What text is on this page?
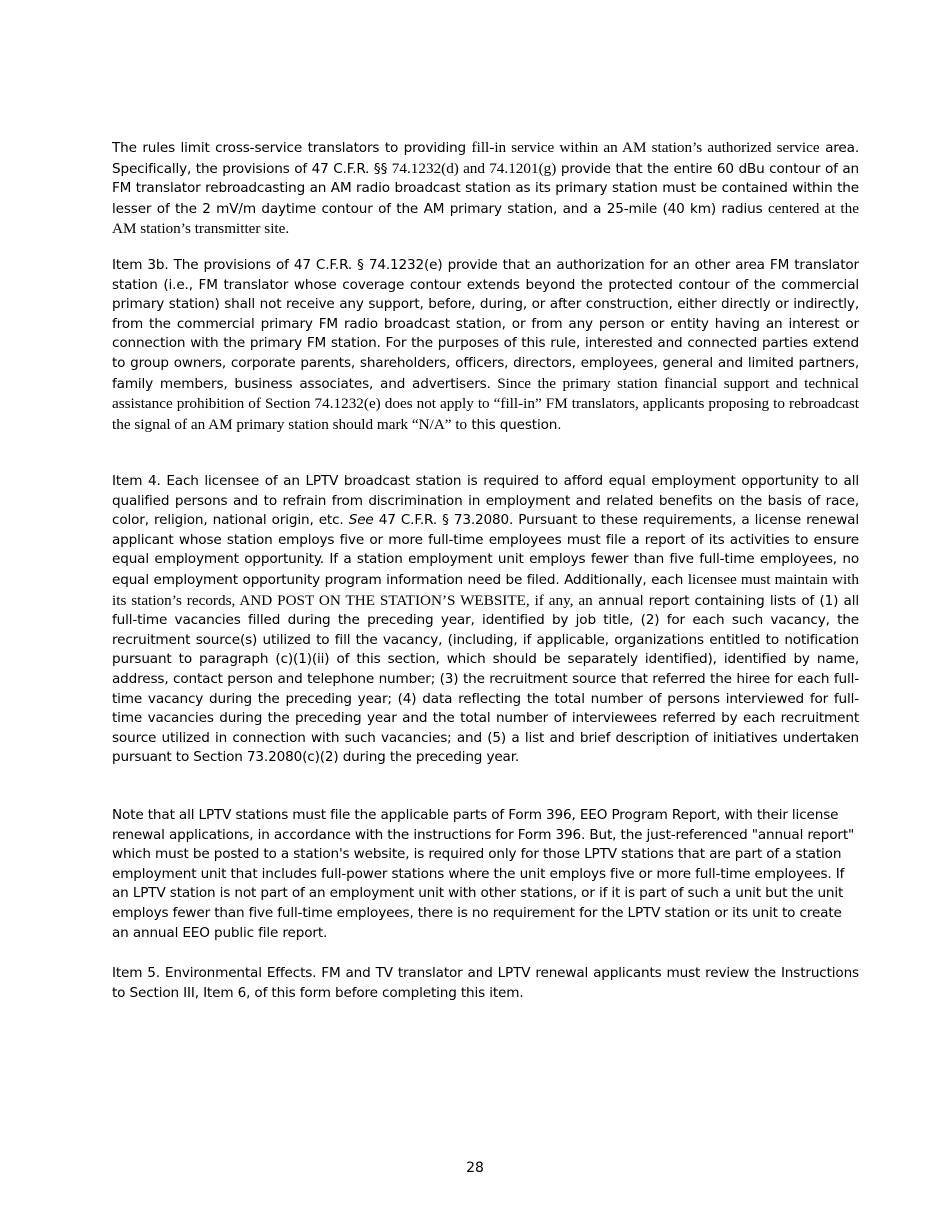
The rules limit cross-service translators to providing fill-in service within an AM station’s authorized service area. Specifically, the provisions of 47 C.F.R. §§ 74.1232(d) and 74.1201(g) provide that the entire 60 dBu contour of an FM translator rebroadcasting an AM radio broadcast station as its primary station must be contained within the lesser of the 2 mV/m daytime contour of the AM primary station, and a 25-mile (40 km) radius centered at the AM station’s transmitter site.

Item 3b. The provisions of 47 C.F.R. § 74.1232(e) provide that an authorization for an other area FM translator station (i.e., FM translator whose coverage contour extends beyond the protected contour of the commercial primary station) shall not receive any support, before, during, or after construction, either directly or indirectly, from the commercial primary FM radio broadcast station, or from any person or entity having an interest or connection with the primary FM station. For the purposes of this rule, interested and connected parties extend to group owners, corporate parents, shareholders, officers, directors, employees, general and limited partners, family members, business associates, and advertisers. Since the primary station financial support and technical assistance prohibition of Section 74.1232(e) does not apply to “fill-in” FM translators, applicants proposing to rebroadcast the signal of an AM primary station should mark “N/A” to this question.

Item 4. Each licensee of an LPTV broadcast station is required to afford equal employment opportunity to all qualified persons and to refrain from discrimination in employment and related benefits on the basis of race, color, religion, national origin, etc. See 47 C.F.R. § 73.2080. Pursuant to these requirements, a license renewal applicant whose station employs five or more full-time employees must file a report of its activities to ensure equal employment opportunity. If a station employment unit employs fewer than five full-time employees, no equal employment opportunity program information need be filed. Additionally, each licensee must maintain with its station’s records, AND POST ON THE STATION’S WEBSITE, if any, an annual report containing lists of (1) all full-time vacancies filled during the preceding year, identified by job title, (2) for each such vacancy, the recruitment source(s) utilized to fill the vacancy, (including, if applicable, organizations entitled to notification pursuant to paragraph (c)(1)(ii) of this section, which should be separately identified), identified by name, address, contact person and telephone number; (3) the recruitment source that referred the hiree for each full-time vacancy during the preceding year; (4) data reflecting the total number of persons interviewed for full-time vacancies during the preceding year and the total number of interviewees referred by each recruitment source utilized in connection with such vacancies; and (5) a list and brief description of initiatives undertaken pursuant to Section 73.2080(c)(2) during the preceding year.

Note that all LPTV stations must file the applicable parts of Form 396, EEO Program Report, with their license renewal applications, in accordance with the instructions for Form 396. But, the just-referenced "annual report" which must be posted to a station's website, is required only for those LPTV stations that are part of a station employment unit that includes full-power stations where the unit employs five or more full-time employees. If an LPTV station is not part of an employment unit with other stations, or if it is part of such a unit but the unit employs fewer than five full-time employees, there is no requirement for the LPTV station or its unit to create an annual EEO public file report.

Item 5. Environmental Effects. FM and TV translator and LPTV renewal applicants must review the Instructions to Section III, Item 6, of this form before completing this item.

28
